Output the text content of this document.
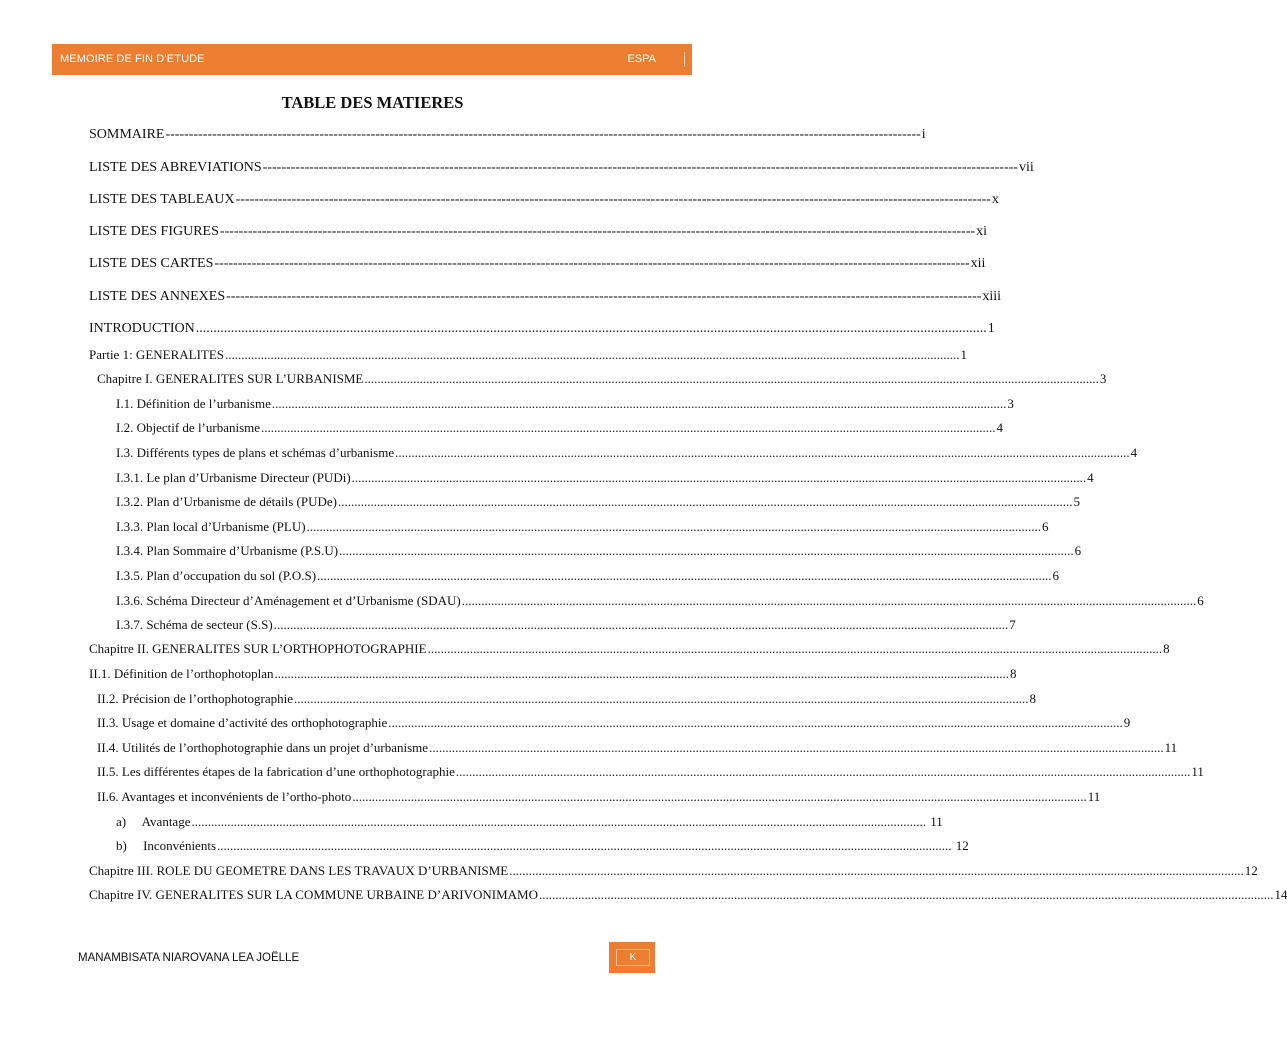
MEMOIRE DE FIN D’ETUDE	ESPA
TABLE DES MATIERES
SOMMAIRE ------------------------------------------------------------------------------------------------------------------------------------------------------------------ i
LISTE DES ABREVIATIONS ------------------------------------------------------------------------------------------------------------------------------------------------------------------ vii
LISTE DES TABLEAUX ------------------------------------------------------------------------------------------------------------------------------------------------------------------ x
LISTE DES FIGURES ------------------------------------------------------------------------------------------------------------------------------------------------------------------ xi
LISTE DES CARTES ------------------------------------------------------------------------------------------------------------------------------------------------------------------ xii
LISTE DES ANNEXES ------------------------------------------------------------------------------------------------------------------------------------------------------------------ xiii
INTRODUCTION .................................................................................................................................................................................................................................. 1
Partie 1: GENERALITES .................................................................................................................................................................................................................................. 1
Chapitre I. GENERALITES SUR L’URBANISME .................................................................................................................................................................................................................................. 3
I.1. Définition de l’urbanisme .................................................................................................................................................................................................................................. 3
I.2. Objectif de l’urbanisme .................................................................................................................................................................................................................................. 4
I.3. Différents types de plans et schémas d’urbanisme .................................................................................................................................................................................................................................. 4
I.3.1. Le plan d’Urbanisme Directeur (PUDi) .................................................................................................................................................................................................................................. 4
I.3.2. Plan d’Urbanisme de détails (PUDe) .................................................................................................................................................................................................................................. 5
I.3.3. Plan local d’Urbanisme (PLU) .................................................................................................................................................................................................................................. 6
I.3.4. Plan Sommaire d’Urbanisme (P.S.U) .................................................................................................................................................................................................................................. 6
I.3.5. Plan d’occupation du sol (P.O.S) .................................................................................................................................................................................................................................. 6
I.3.6. Schéma Directeur d’Aménagement et d’Urbanisme (SDAU) .................................................................................................................................................................................................................................. 6
I.3.7. Schéma de secteur (S.S) .................................................................................................................................................................................................................................. 7
Chapitre II. GENERALITES SUR L’ORTHOPHOTOGRAPHIE .................................................................................................................................................................................................................................. 8
II.1. Définition de l’orthophotoplan .................................................................................................................................................................................................................................. 8
II.2. Précision de l’orthophotographie .................................................................................................................................................................................................................................. 8
II.3. Usage et domaine d’activité des orthophotographie .................................................................................................................................................................................................................................. 9
II.4. Utilités de l’orthophotographie dans un projet d’urbanisme .................................................................................................................................................................................................................................. 11
II.5. Les différentes étapes de la fabrication d’une orthophotographie .................................................................................................................................................................................................................................. 11
II.6. Avantages et inconvénients de l’ortho-photo .................................................................................................................................................................................................................................. 11
a)     Avantage .................................................................................................................................................................................................................................. 11
b)     Inconvénients .................................................................................................................................................................................................................................. 12
Chapitre III. ROLE DU GEOMETRE DANS LES TRAVAUX D’URBANISME .................................................................................................................................................................................................................................. 12
Chapitre IV. GENERALITES SUR LA COMMUNE URBAINE D’ARIVONIMAMO .................................................................................................................................................................................................................................. 14
MANAMBISATA NIAROVANA LEA JOËLLE	K
